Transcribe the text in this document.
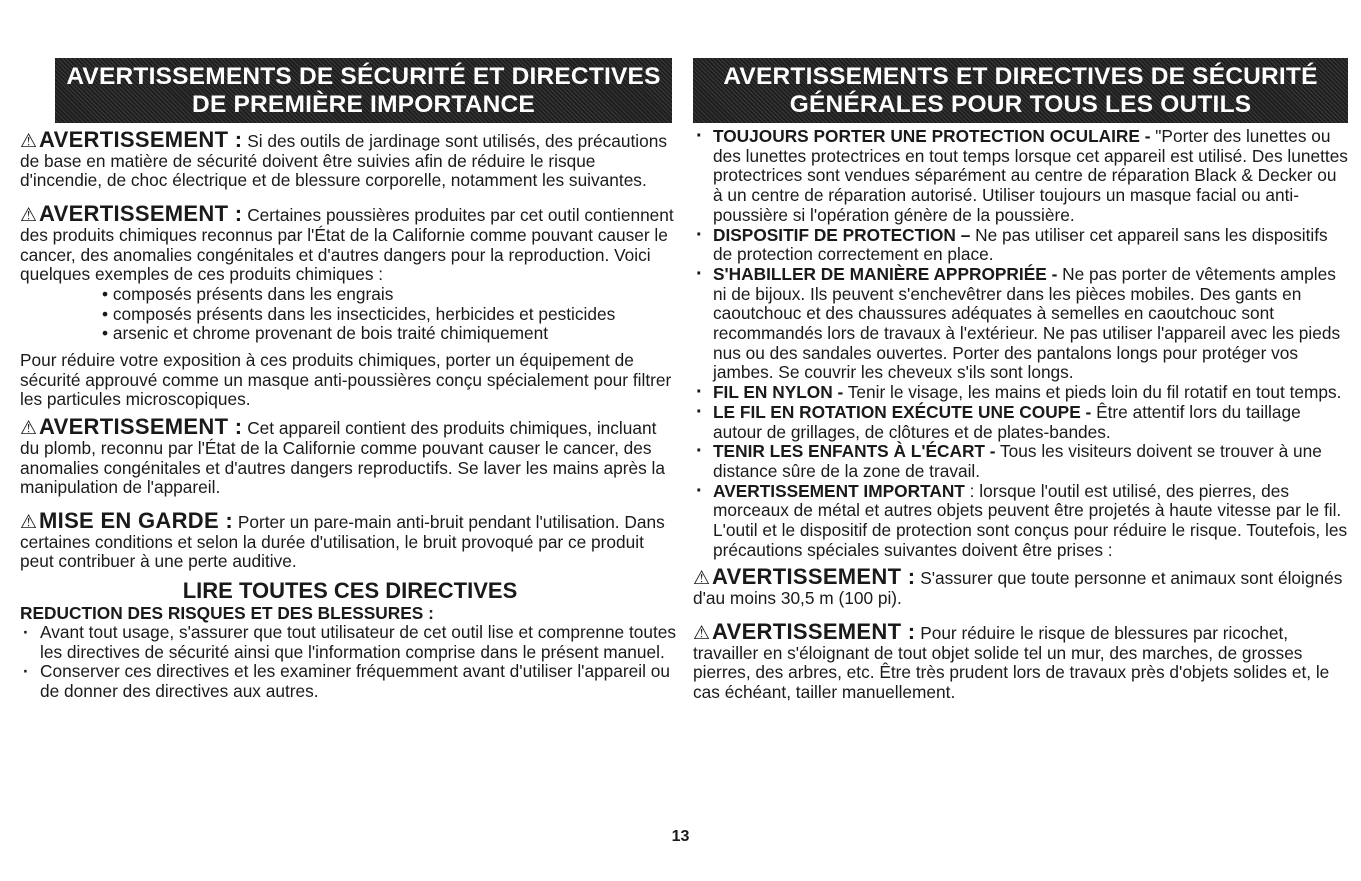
AVERTISSEMENTS DE SÉCURITÉ ET DIRECTIVES
DE PREMIÈRE IMPORTANCE

⚠AVERTISSEMENT : Si des outils de jardinage sont utilisés, des précautions de base en matière de sécurité doivent être suivies afin de réduire le risque d'incendie, de choc électrique et de blessure corporelle, notamment les suivantes.

⚠AVERTISSEMENT : Certaines poussières produites par cet outil contiennent des produits chimiques reconnus par l'État de la Californie comme pouvant causer le cancer, des anomalies congénitales et d'autres dangers pour la reproduction. Voici quelques exemples de ces produits chimiques :

• composés présents dans les engrais
• composés présents dans les insecticides, herbicides et pesticides
• arsenic et chrome provenant de bois traité chimiquement

Pour réduire votre exposition à ces produits chimiques, porter un équipement de sécurité approuvé comme un masque anti-poussières conçu spécialement pour filtrer les particules microscopiques.

⚠AVERTISSEMENT : Cet appareil contient des produits chimiques, incluant du plomb, reconnu par l'État de la Californie comme pouvant causer le cancer, des anomalies congénitales et d'autres dangers reproductifs. Se laver les mains après la manipulation de l'appareil.

⚠MISE EN GARDE : Porter un pare-main anti-bruit pendant l'utilisation. Dans certaines conditions et selon la durée d'utilisation, le bruit provoqué par ce produit peut contribuer à une perte auditive.

LIRE TOUTES CES DIRECTIVES
REDUCTION DES RISQUES ET DES BLESSURES :
· Avant tout usage, s'assurer que tout utilisateur de cet outil lise et comprenne toutes les directives de sécurité ainsi que l'information comprise dans le présent manuel.
· Conserver ces directives et les examiner fréquemment avant d'utiliser l'appareil ou de donner des directives aux autres.
AVERTISSEMENTS ET DIRECTIVES DE SÉCURITÉ
GÉNÉRALES POUR TOUS LES OUTILS
· TOUJOURS PORTER UNE PROTECTION OCULAIRE - "Porter des lunettes ou des lunettes protectrices en tout temps lorsque cet appareil est utilisé. Des lunettes protectrices sont vendues séparément au centre de réparation Black & Decker ou à un centre de réparation autorisé. Utiliser toujours un masque facial ou anti-poussière si l'opération génère de la poussière.
· DISPOSITIF DE PROTECTION – Ne pas utiliser cet appareil sans les dispositifs de protection correctement en place.
· S'HABILLER DE MANIÈRE APPROPRIÉE - Ne pas porter de vêtements amples ni de bijoux. Ils peuvent s'enchevêtrer dans les pièces mobiles. Des gants en caoutchouc et des chaussures adéquates à semelles en caoutchouc sont recommandés lors de travaux à l'extérieur. Ne pas utiliser l'appareil avec les pieds nus ou des sandales ouvertes. Porter des pantalons longs pour protéger vos jambes. Se couvrir les cheveux s'ils sont longs.
· FIL EN NYLON - Tenir le visage, les mains et pieds loin du fil rotatif en tout temps.
· LE FIL EN ROTATION EXÉCUTE UNE COUPE - Être attentif lors du taillage autour de grillages, de clôtures et de plates-bandes.
· TENIR LES ENFANTS À L'ÉCART - Tous les visiteurs doivent se trouver à une distance sûre de la zone de travail.
· AVERTISSEMENT IMPORTANT : lorsque l'outil est utilisé, des pierres, des morceaux de métal et autres objets peuvent être projetés à haute vitesse par le fil. L'outil et le dispositif de protection sont conçus pour réduire le risque. Toutefois, les précautions spéciales suivantes doivent être prises :

⚠AVERTISSEMENT : S'assurer que toute personne et animaux sont éloignés d'au moins 30,5 m (100 pi).

⚠AVERTISSEMENT : Pour réduire le risque de blessures par ricochet, travailler en s'éloignant de tout objet solide tel un mur, des marches, de grosses pierres, des arbres, etc. Être très prudent lors de travaux près d'objets solides et, le cas échéant, tailler manuellement.

13
